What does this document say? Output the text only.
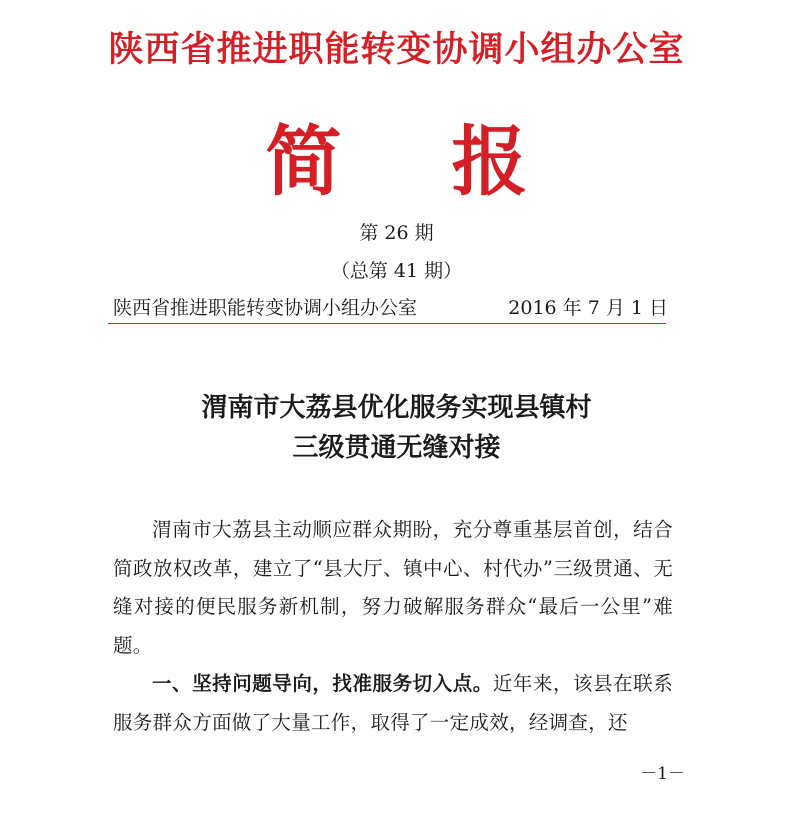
陕西省推进职能转变协调小组办公室
简报
第 26 期
（总第 41 期）
陕西省推进职能转变协调小组办公室	2016 年 7 月 1 日
渭南市大荔县优化服务实现县镇村
三级贯通无缝对接

渭南市大荔县主动顺应群众期盼，充分尊重基层首创，结合简政放权改革，建立了“县大厅、镇中心、村代办”三级贯通、无缝对接的便民服务新机制，努力破解服务群众“最后一公里”难题。

一、坚持问题导向，找准服务切入点。近年来，该县在联系服务群众方面做了大量工作，取得了一定成效，经调查，还

－1－
